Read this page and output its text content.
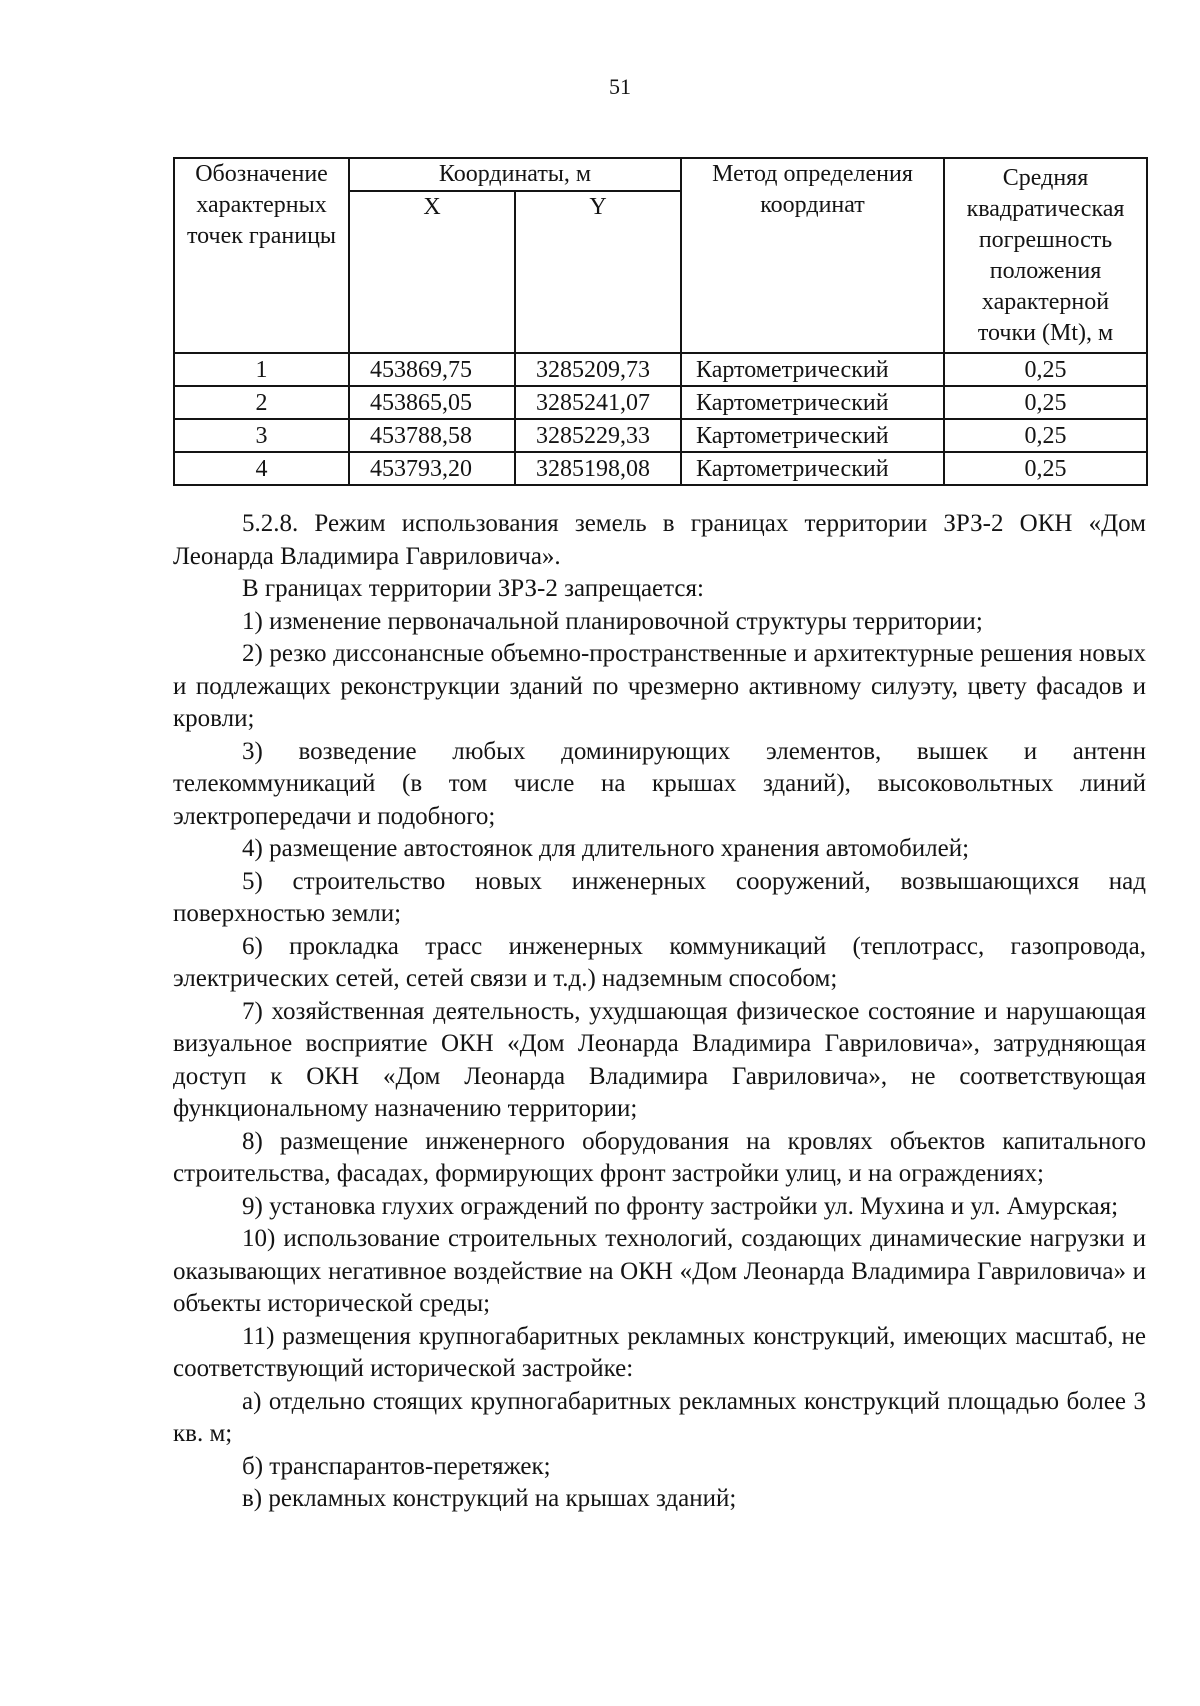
51
Обозначение характерных точек границы	Координаты, м		Метод определения координат	Средняя квадратическая погрешность положения характерной точки (Mt), м
	X	Y		
1	453869,75	3285209,73	Картометрический	0,25
2	453865,05	3285241,07	Картометрический	0,25
3	453788,58	3285229,33	Картометрический	0,25
4	453793,20	3285198,08	Картометрический	0,25

5.2.8. Режим использования земель в границах территории ЗРЗ-2 ОКН «Дом Леонарда Владимира Гавриловича».

В границах территории ЗРЗ-2 запрещается:

1) изменение первоначальной планировочной структуры территории;

2) резко диссонансные объемно-пространственные и архитектурные решения новых и подлежащих реконструкции зданий по чрезмерно активному силуэту, цвету фасадов и кровли;

3) возведение любых доминирующих элементов, вышек и антенн телекоммуникаций (в том числе на крышах зданий), высоковольтных линий электропередачи и подобного;

4) размещение автостоянок для длительного хранения автомобилей;

5) строительство новых инженерных сооружений, возвышающихся над поверхностью земли;

6) прокладка трасс инженерных коммуникаций (теплотрасс, газопровода, электрических сетей, сетей связи и т.д.) надземным способом;

7) хозяйственная деятельность, ухудшающая физическое состояние и нарушающая визуальное восприятие ОКН «Дом Леонарда Владимира Гавриловича», затрудняющая доступ к ОКН «Дом Леонарда Владимира Гавриловича», не соответствующая функциональному назначению территории;

8) размещение инженерного оборудования на кровлях объектов капитального строительства, фасадах, формирующих фронт застройки улиц, и на ограждениях;

9) установка глухих ограждений по фронту застройки ул. Мухина и ул. Амурская;

10) использование строительных технологий, создающих динамические нагрузки и оказывающих негативное воздействие на ОКН «Дом Леонарда Владимира Гавриловича» и объекты исторической среды;

11) размещения крупногабаритных рекламных конструкций, имеющих масштаб, не соответствующий исторической застройке:

а) отдельно стоящих крупногабаритных рекламных конструкций площадью более 3 кв. м;

б) транспарантов-перетяжек;

в) рекламных конструкций на крышах зданий;
